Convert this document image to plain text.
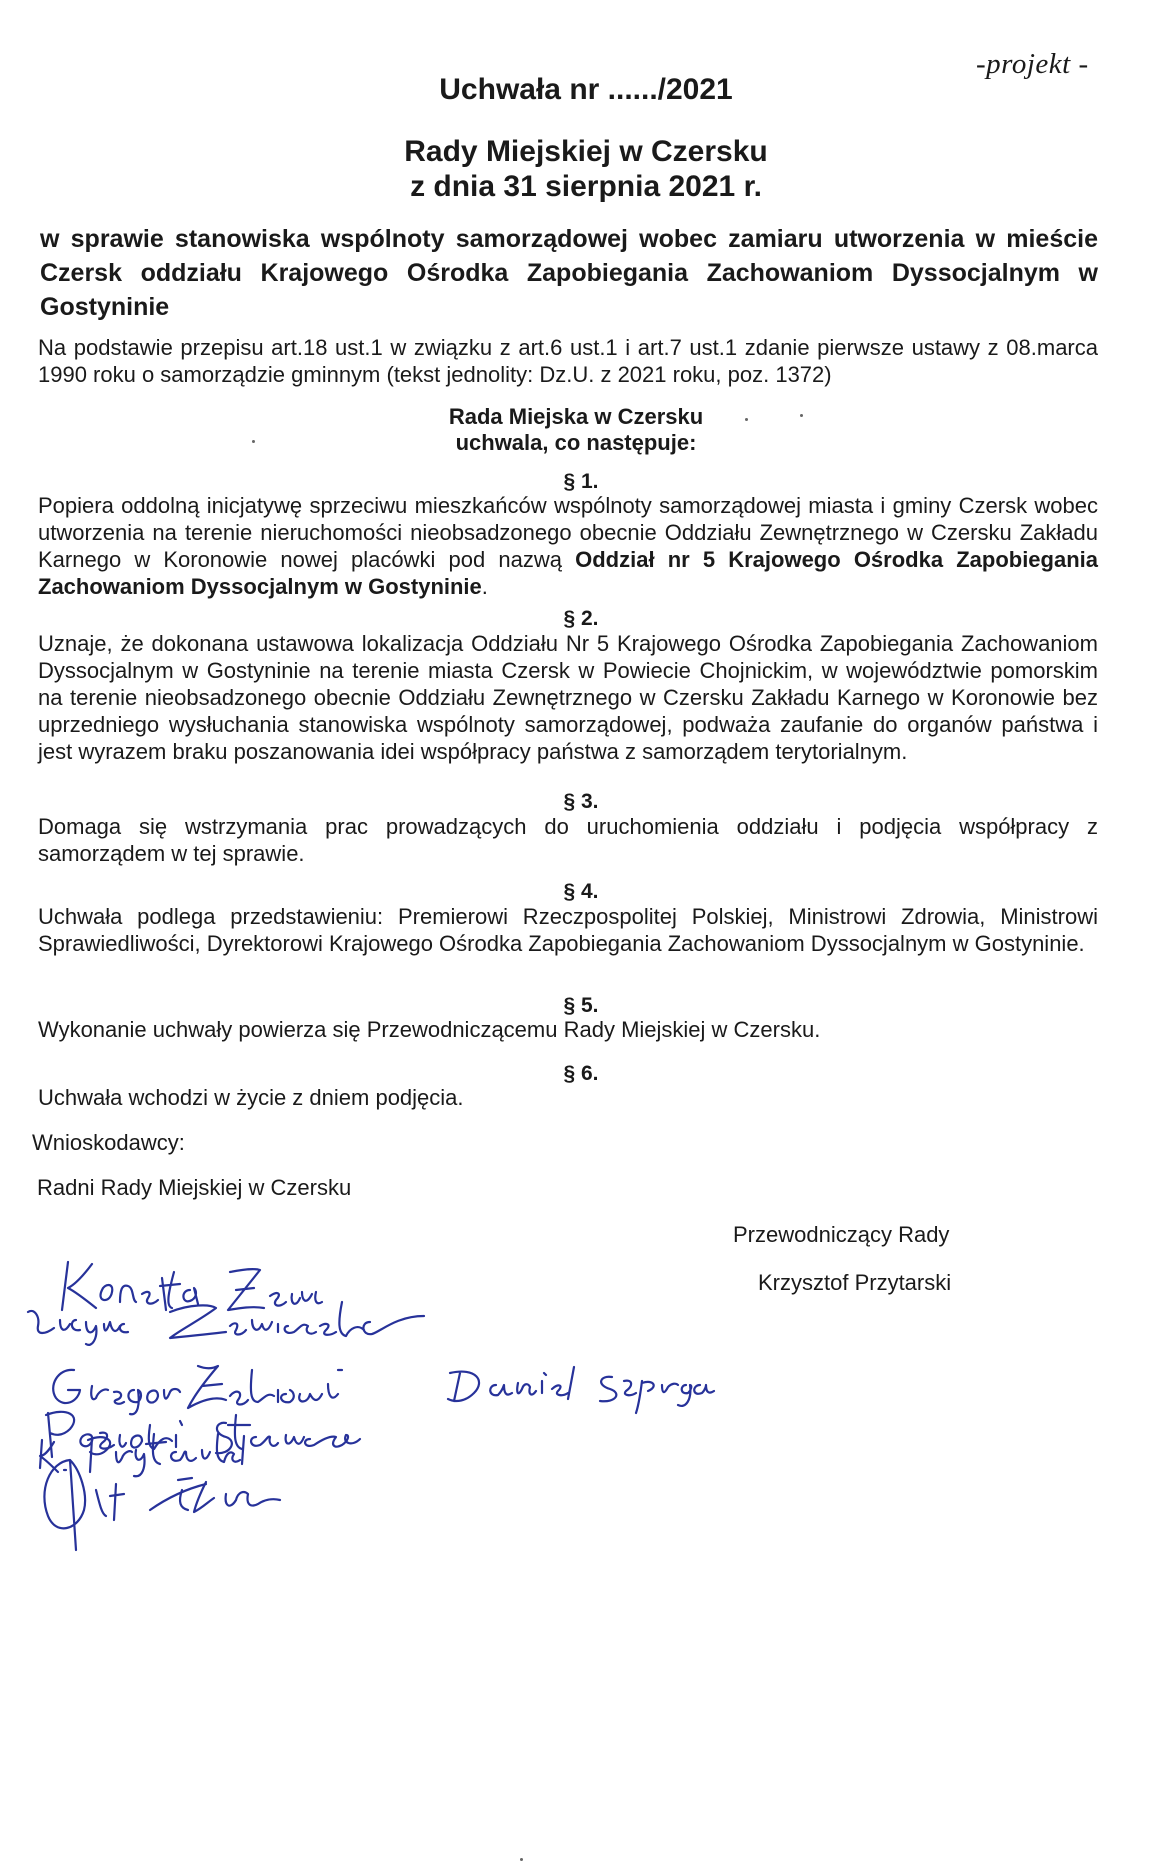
-projekt -
Uchwała nr ....../2021
Rady Miejskiej w Czersku
z dnia 31 sierpnia 2021 r.
w sprawie stanowiska wspólnoty samorządowej wobec zamiaru utworzenia w mieście Czersk oddziału Krajowego Ośrodka Zapobiegania Zachowaniom Dyssocjalnym w Gostyninie
Na podstawie przepisu art.18 ust.1 w związku z art.6 ust.1 i art.7 ust.1 zdanie pierwsze ustawy z 08.marca 1990 roku o samorządzie gminnym (tekst jednolity: Dz.U. z 2021 roku, poz. 1372)
Rada Miejska w Czersku
uchwala, co następuje:
§ 1.
Popiera oddolną inicjatywę sprzeciwu mieszkańców wspólnoty samorządowej miasta i gminy Czersk wobec utworzenia na terenie nieruchomości nieobsadzonego obecnie Oddziału Zewnętrznego w Czersku Zakładu Karnego w Koronowie nowej placówki pod nazwą Oddział nr 5 Krajowego Ośrodka Zapobiegania Zachowaniom Dyssocjalnym w Gostyninie.
§ 2.
Uznaje, że dokonana ustawowa lokalizacja Oddziału Nr 5 Krajowego Ośrodka Zapobiegania Zachowaniom Dyssocjalnym w Gostyninie na terenie miasta Czersk w Powiecie Chojnickim, w województwie pomorskim na terenie nieobsadzonego obecnie Oddziału Zewnętrznego w Czersku Zakładu Karnego w Koronowie bez uprzedniego wysłuchania stanowiska wspólnoty samorządowej, podważa zaufanie do organów państwa i jest wyrazem braku poszanowania idei współpracy państwa z samorządem terytorialnym.
§ 3.
Domaga się wstrzymania prac prowadzących do uruchomienia oddziału i podjęcia współpracy z samorządem w tej sprawie.
§ 4.
Uchwała podlega przedstawieniu: Premierowi Rzeczpospolitej Polskiej, Ministrowi Zdrowia, Ministrowi Sprawiedliwości, Dyrektorowi Krajowego Ośrodka Zapobiegania Zachowaniom Dyssocjalnym w Gostyninie.
§ 5.
Wykonanie uchwały powierza się Przewodniczącemu Rady Miejskiej w Czersku.
§ 6.
Uchwała wchodzi w życie z dniem podjęcia.
Wnioskodawcy:
Radni Rady Miejskiej w Czersku
Przewodniczący Rady
Krzysztof Przytarski
